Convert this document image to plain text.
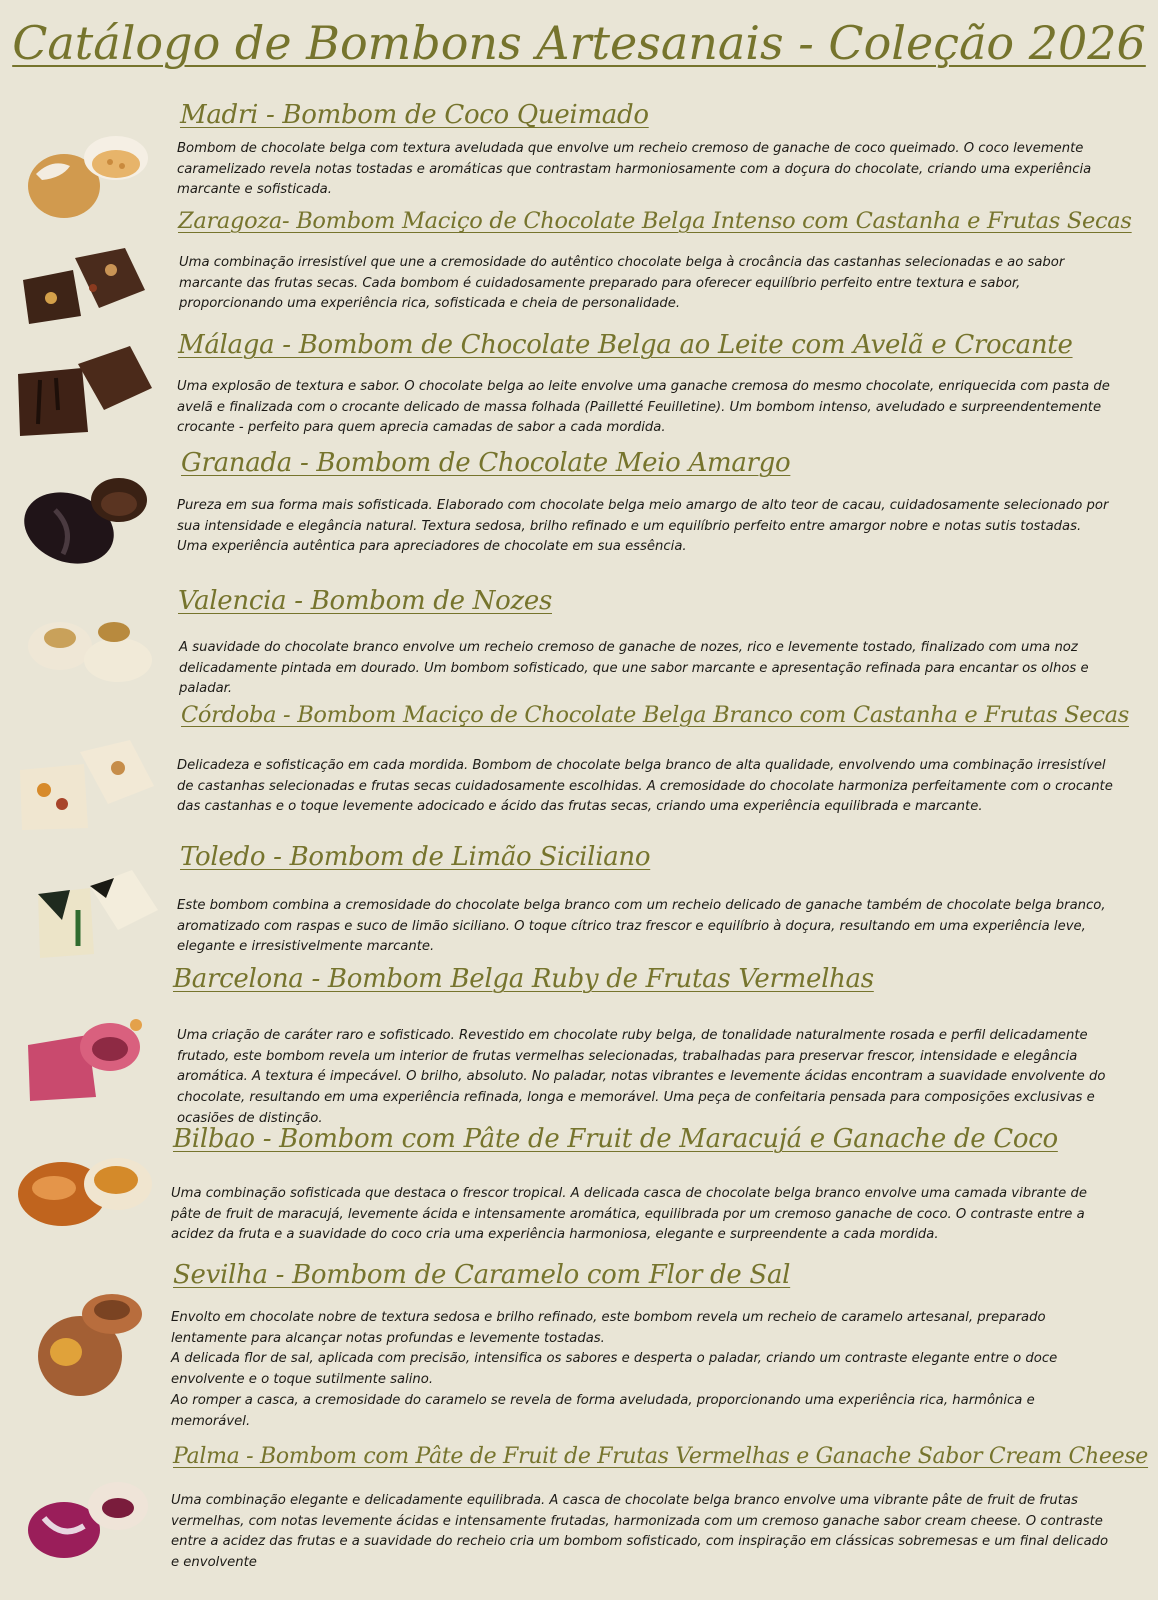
Catálogo de Bombons Artesanais - Coleção 2026
Madri - Bombom de Coco Queimado

Bombom de chocolate belga com textura aveludada que envolve um recheio cremoso de ganache de coco queimado. O coco levemente caramelizado revela notas tostadas e aromáticas que contrastam harmoniosamente com a doçura do chocolate, criando uma experiência marcante e sofisticada.

Zaragoza- Bombom Maciço de Chocolate Belga Intenso com Castanha e Frutas Secas

Uma combinação irresistível que une a cremosidade do autêntico chocolate belga à crocância das castanhas selecionadas e ao sabor marcante das frutas secas. Cada bombom é cuidadosamente preparado para oferecer equilíbrio perfeito entre textura e sabor, proporcionando uma experiência rica, sofisticada e cheia de personalidade.

Málaga - Bombom de Chocolate Belga ao Leite com Avelã e Crocante

Uma explosão de textura e sabor. O chocolate belga ao leite envolve uma ganache cremosa do mesmo chocolate, enriquecida com pasta de avelã e finalizada com o crocante delicado de massa folhada (Pailletté Feuilletine). Um bombom intenso, aveludado e surpreendentemente crocante - perfeito para quem aprecia camadas de sabor a cada mordida.

Granada - Bombom de Chocolate Meio Amargo

Pureza em sua forma mais sofisticada. Elaborado com chocolate belga meio amargo de alto teor de cacau, cuidadosamente selecionado por sua intensidade e elegância natural. Textura sedosa, brilho refinado e um equilíbrio perfeito entre amargor nobre e notas sutis tostadas.

Uma experiência autêntica para apreciadores de chocolate em sua essência.

Valencia - Bombom de Nozes

A suavidade do chocolate branco envolve um recheio cremoso de ganache de nozes, rico e levemente tostado, finalizado com uma noz delicadamente pintada em dourado. Um bombom sofisticado, que une sabor marcante e apresentação refinada para encantar os olhos e paladar.

Córdoba - Bombom Maciço de Chocolate Belga Branco com Castanha e Frutas Secas

Delicadeza e sofisticação em cada mordida. Bombom de chocolate belga branco de alta qualidade, envolvendo uma combinação irresistível de castanhas selecionadas e frutas secas cuidadosamente escolhidas. A cremosidade do chocolate harmoniza perfeitamente com o crocante das castanhas e o toque levemente adocicado e ácido das frutas secas, criando uma experiência equilibrada e marcante.

Toledo - Bombom de Limão Siciliano

Este bombom combina a cremosidade do chocolate belga branco com um recheio delicado de ganache também de chocolate belga branco, aromatizado com raspas e suco de limão siciliano. O toque cítrico traz frescor e equilíbrio à doçura, resultando em uma experiência leve, elegante e irresistivelmente marcante.

Barcelona - Bombom Belga Ruby de Frutas Vermelhas

Uma criação de caráter raro e sofisticado. Revestido em chocolate ruby belga, de tonalidade naturalmente rosada e perfil delicadamente frutado, este bombom revela um interior de frutas vermelhas selecionadas, trabalhadas para preservar frescor, intensidade e elegância aromática. A textura é impecável. O brilho, absoluto. No paladar, notas vibrantes e levemente ácidas encontram a suavidade envolvente do chocolate, resultando em uma experiência refinada, longa e memorável. Uma peça de confeitaria pensada para composições exclusivas e ocasiões de distinção.

Bilbao - Bombom com Pâte de Fruit de Maracujá e Ganache de Coco

Uma combinação sofisticada que destaca o frescor tropical. A delicada casca de chocolate belga branco envolve uma camada vibrante de pâte de fruit de maracujá, levemente ácida e intensamente aromática, equilibrada por um cremoso ganache de coco. O contraste entre a acidez da fruta e a suavidade do coco cria uma experiência harmoniosa, elegante e surpreendente a cada mordida.

Sevilha - Bombom de Caramelo com Flor de Sal

Envolto em chocolate nobre de textura sedosa e brilho refinado, este bombom revela um recheio de caramelo artesanal, preparado lentamente para alcançar notas profundas e levemente tostadas.

A delicada flor de sal, aplicada com precisão, intensifica os sabores e desperta o paladar, criando um contraste elegante entre o doce envolvente e o toque sutilmente salino.

Ao romper a casca, a cremosidade do caramelo se revela de forma aveludada, proporcionando uma experiência rica, harmônica e memorável.

Palma - Bombom com Pâte de Fruit de Frutas Vermelhas e Ganache Sabor Cream Cheese

Uma combinação elegante e delicadamente equilibrada. A casca de chocolate belga branco envolve uma vibrante pâte de fruit de frutas vermelhas, com notas levemente ácidas e intensamente frutadas, harmonizada com um cremoso ganache sabor cream cheese. O contraste entre a acidez das frutas e a suavidade do recheio cria um bombom sofisticado, com inspiração em clássicas sobremesas e um final delicado e envolvente
